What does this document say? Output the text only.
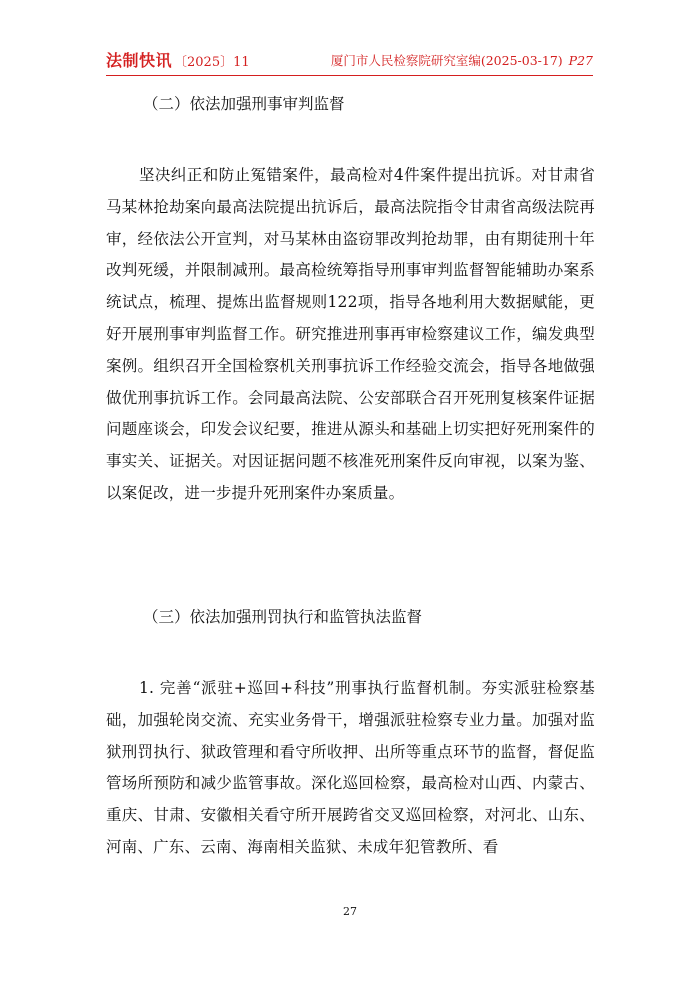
法制快讯 〔2025〕11	厦门市人民检察院研究室编(2025-03-17) P27

（二）依法加强刑事审判监督

坚决纠正和防止冤错案件，最高检对4件案件提出抗诉。对甘肃省马某林抢劫案向最高法院提出抗诉后，最高法院指令甘肃省高级法院再审，经依法公开宣判，对马某林由盗窃罪改判抢劫罪，由有期徒刑十年改判死缓，并限制减刑。最高检统筹指导刑事审判监督智能辅助办案系统试点，梳理、提炼出监督规则122项，指导各地利用大数据赋能，更好开展刑事审判监督工作。研究推进刑事再审检察建议工作，编发典型案例。组织召开全国检察机关刑事抗诉工作经验交流会，指导各地做强做优刑事抗诉工作。会同最高法院、公安部联合召开死刑复核案件证据问题座谈会，印发会议纪要，推进从源头和基础上切实把好死刑案件的事实关、证据关。对因证据问题不核准死刑案件反向审视，以案为鉴、以案促改，进一步提升死刑案件办案质量。

（三）依法加强刑罚执行和监管执法监督

1. 完善“派驻+巡回+科技”刑事执行监督机制。夯实派驻检察基础，加强轮岗交流、充实业务骨干，增强派驻检察专业力量。加强对监狱刑罚执行、狱政管理和看守所收押、出所等重点环节的监督，督促监管场所预防和减少监管事故。深化巡回检察，最高检对山西、内蒙古、重庆、甘肃、安徽相关看守所开展跨省交叉巡回检察，对河北、山东、河南、广东、云南、海南相关监狱、未成年犯管教所、看

27
